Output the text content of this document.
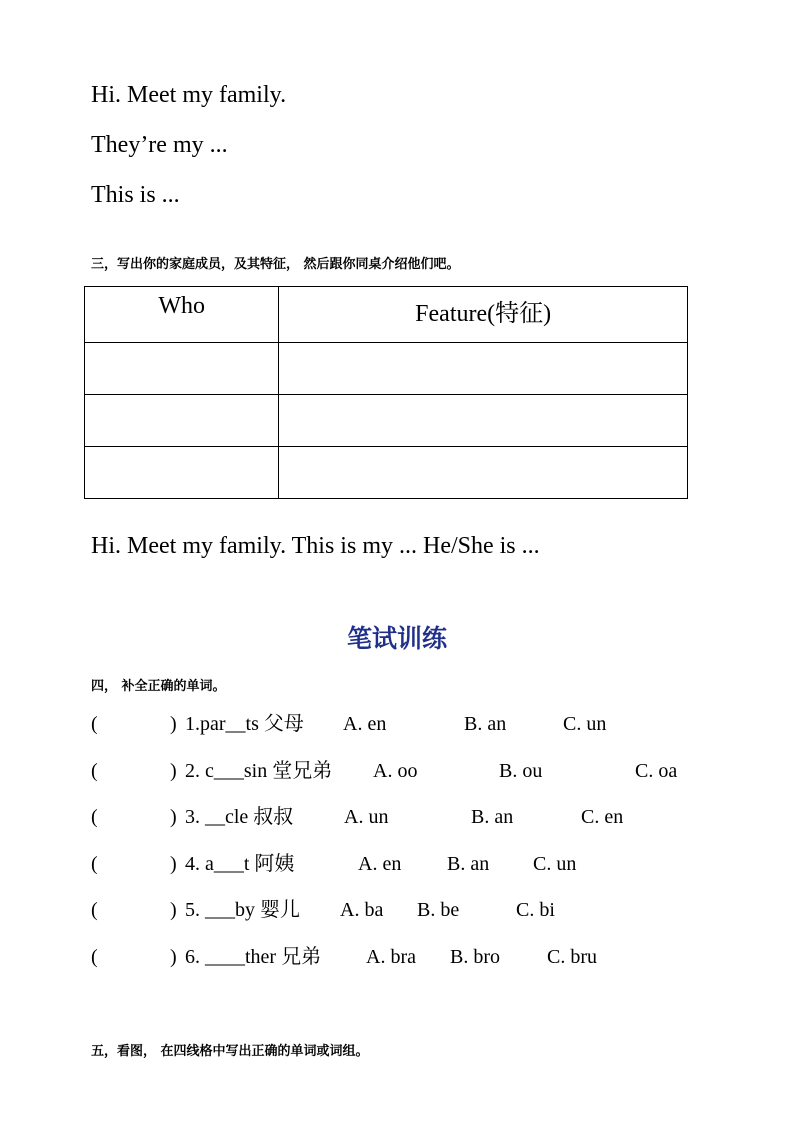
Hi. Meet my family.
They’re my ...
This is ...
三，写出你的家庭成员，及其特征， 然后跟你同桌介绍他们吧。
Who	Feature(特征)

Hi. Meet my family. This is my ... He/She is ...
笔试训练
四， 补全正确的单词。
(	) 1.par__ts 父母 A. en	B. an	C. un
(	) 2. c___sin 堂兄弟 A. oo	B. ou	C. oa
(	) 3. __cle 叔叔	A. un	B. an	C. en
(	) 4. a___t 阿姨	A. en B. an C. un
(	) 5. ___by 婴儿 A. ba B. be	C. bi
(	) 6. ____ther 兄弟 A. bra B. bro C. bru
五，看图， 在四线格中写出正确的单词或词组。
